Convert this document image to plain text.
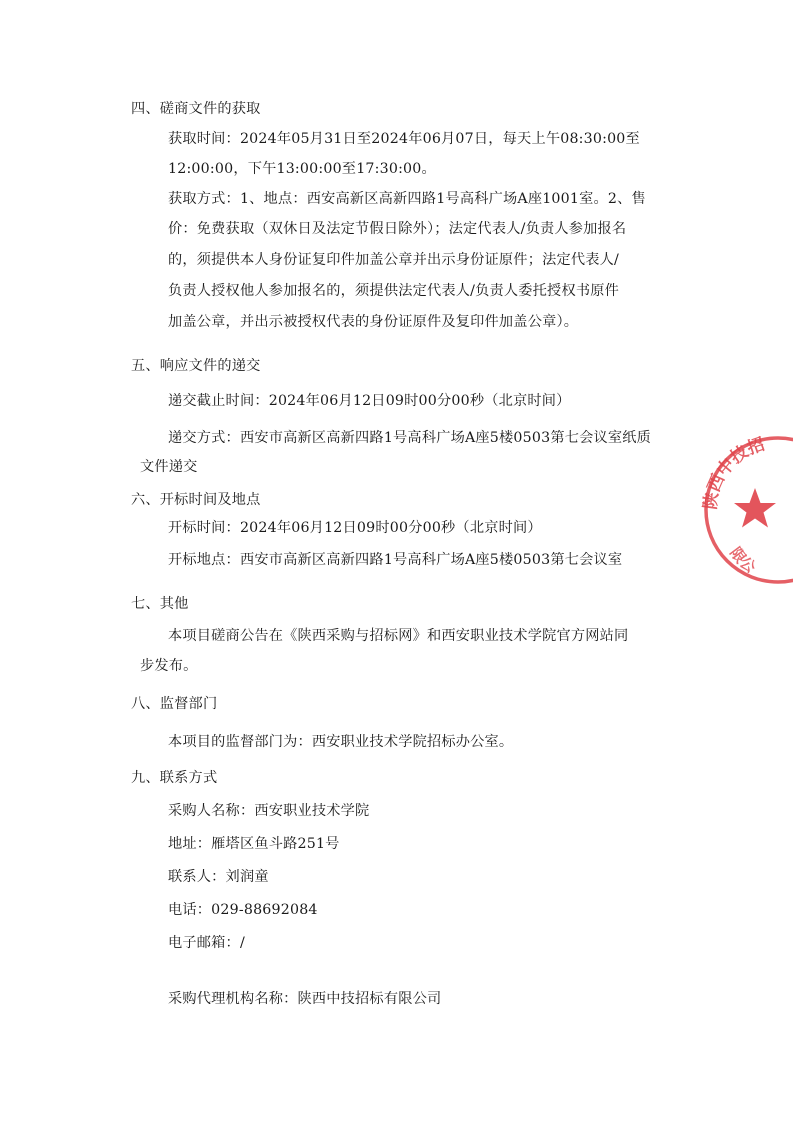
四、磋商文件的获取
获取时间：2024年05月31日至2024年06月07日，每天上午08:30:00至
12:00:00，下午13:00:00至17:30:00。
获取方式：1、地点：西安高新区高新四路1号高科广场A座1001室。2、售
价：免费获取（双休日及法定节假日除外）；法定代表人/负责人参加报名
的，须提供本人身份证复印件加盖公章并出示身份证原件；法定代表人/
负责人授权他人参加报名的，须提供法定代表人/负责人委托授权书原件
加盖公章，并出示被授权代表的身份证原件及复印件加盖公章）。
五、响应文件的递交
递交截止时间：2024年06月12日09时00分00秒（北京时间）
递交方式：西安市高新区高新四路1号高科广场A座5楼0503第七会议室纸质
文件递交
六、开标时间及地点
开标时间：2024年06月12日09时00分00秒（北京时间）
开标地点：西安市高新区高新四路1号高科广场A座5楼0503第七会议室
七、其他
本项目磋商公告在《陕西采购与招标网》和西安职业技术学院官方网站同
步发布。
八、监督部门
本项目的监督部门为：西安职业技术学院招标办公室。
九、联系方式
采购人名称：西安职业技术学院
地址：雁塔区鱼斗路251号
联系人：刘润童
电话：029-88692084
电子邮箱：/
采购代理机构名称：陕西中技招标有限公司
陕西中技招
限公
